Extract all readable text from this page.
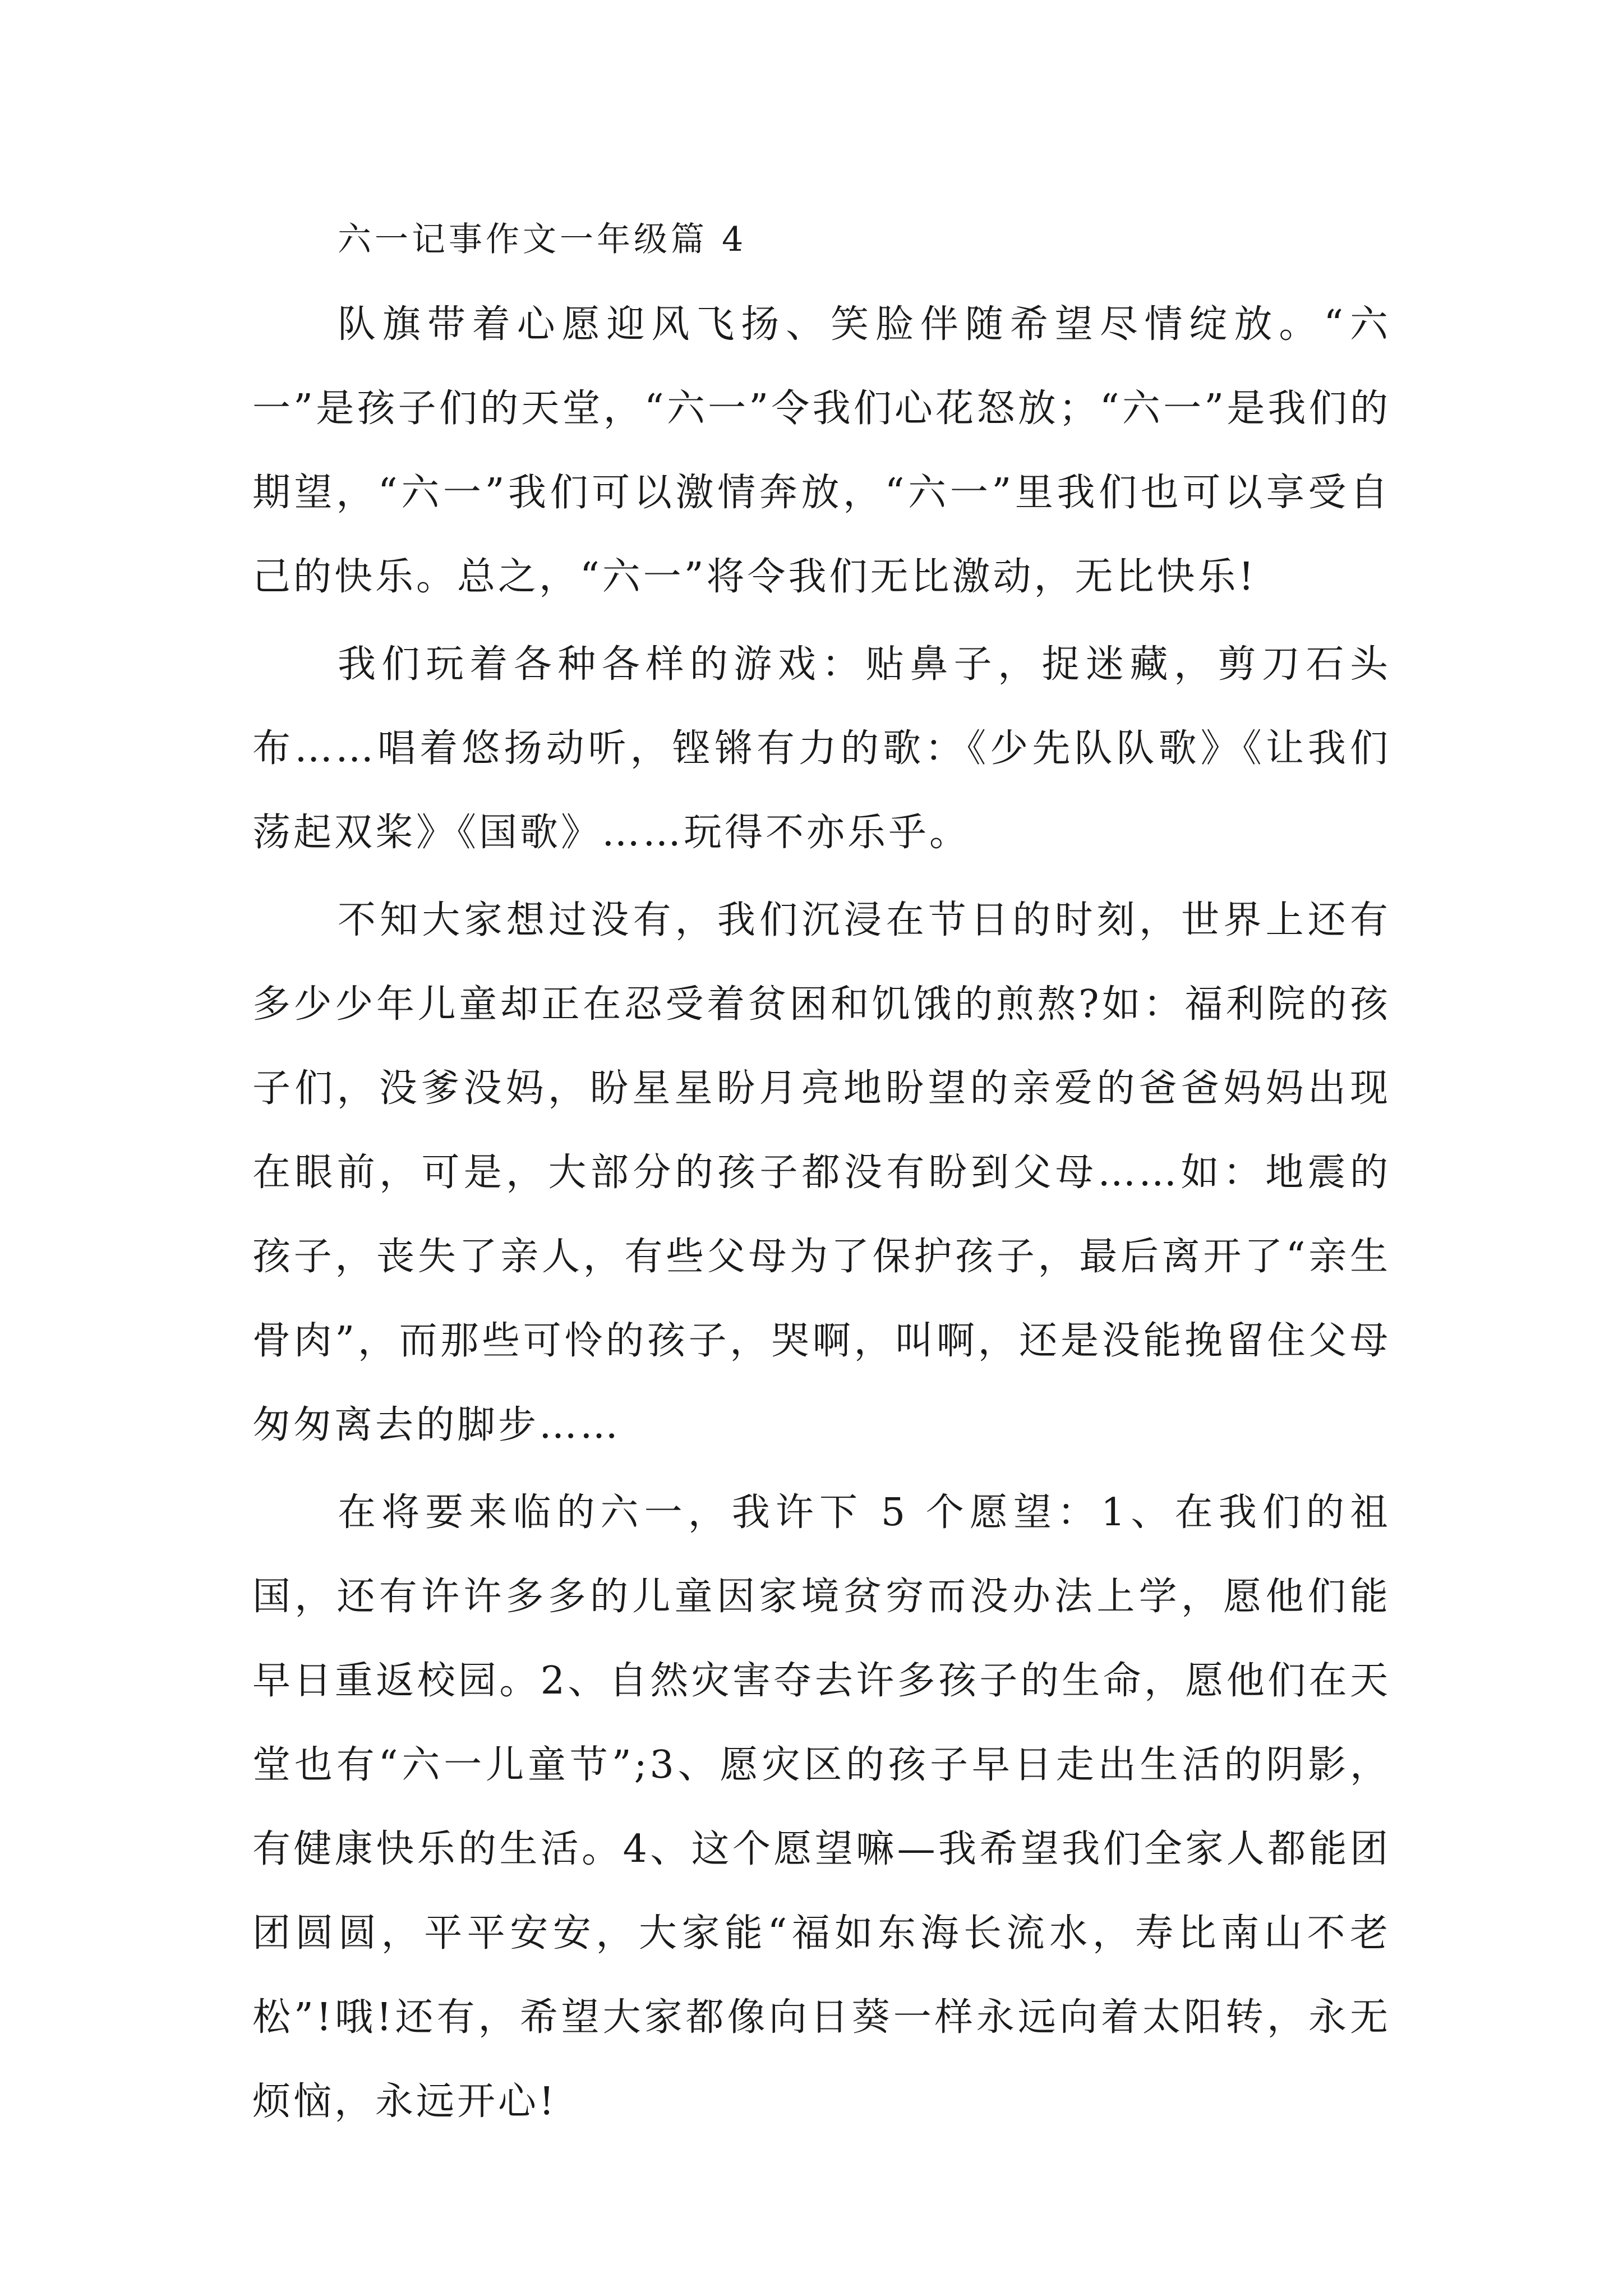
六一记事作文一年级篇 4

队旗带着心愿迎风飞扬、笑脸伴随希望尽情绽放。“六一”是孩子们的天堂，“六一”令我们心花怒放；“六一”是我们的期望，“六一”我们可以激情奔放，“六一”里我们也可以享受自己的快乐。总之，“六一”将令我们无比激动，无比快乐!

我们玩着各种各样的游戏：贴鼻子，捉迷藏，剪刀石头布……唱着悠扬动听，铿锵有力的歌：《少先队队歌》《让我们荡起双桨》《国歌》……玩得不亦乐乎。

不知大家想过没有，我们沉浸在节日的时刻，世界上还有多少少年儿童却正在忍受着贫困和饥饿的煎熬?如：福利院的孩子们，没爹没妈，盼星星盼月亮地盼望的亲爱的爸爸妈妈出现在眼前，可是，大部分的孩子都没有盼到父母……如：地震的孩子，丧失了亲人，有些父母为了保护孩子，最后离开了“亲生骨肉”，而那些可怜的孩子，哭啊，叫啊，还是没能挽留住父母匆匆离去的脚步……

在将要来临的六一，我许下 5 个愿望：1、在我们的祖国，还有许许多多的儿童因家境贫穷而没办法上学，愿他们能早日重返校园。2、自然灾害夺去许多孩子的生命，愿他们在天堂也有“六一儿童节”;3、愿灾区的孩子早日走出生活的阴影，有健康快乐的生活。4、这个愿望嘛—我希望我们全家人都能团团圆圆，平平安安，大家能“福如东海长流水，寿比南山不老松”!哦!还有，希望大家都像向日葵一样永远向着太阳转，永无烦恼，永远开心!
